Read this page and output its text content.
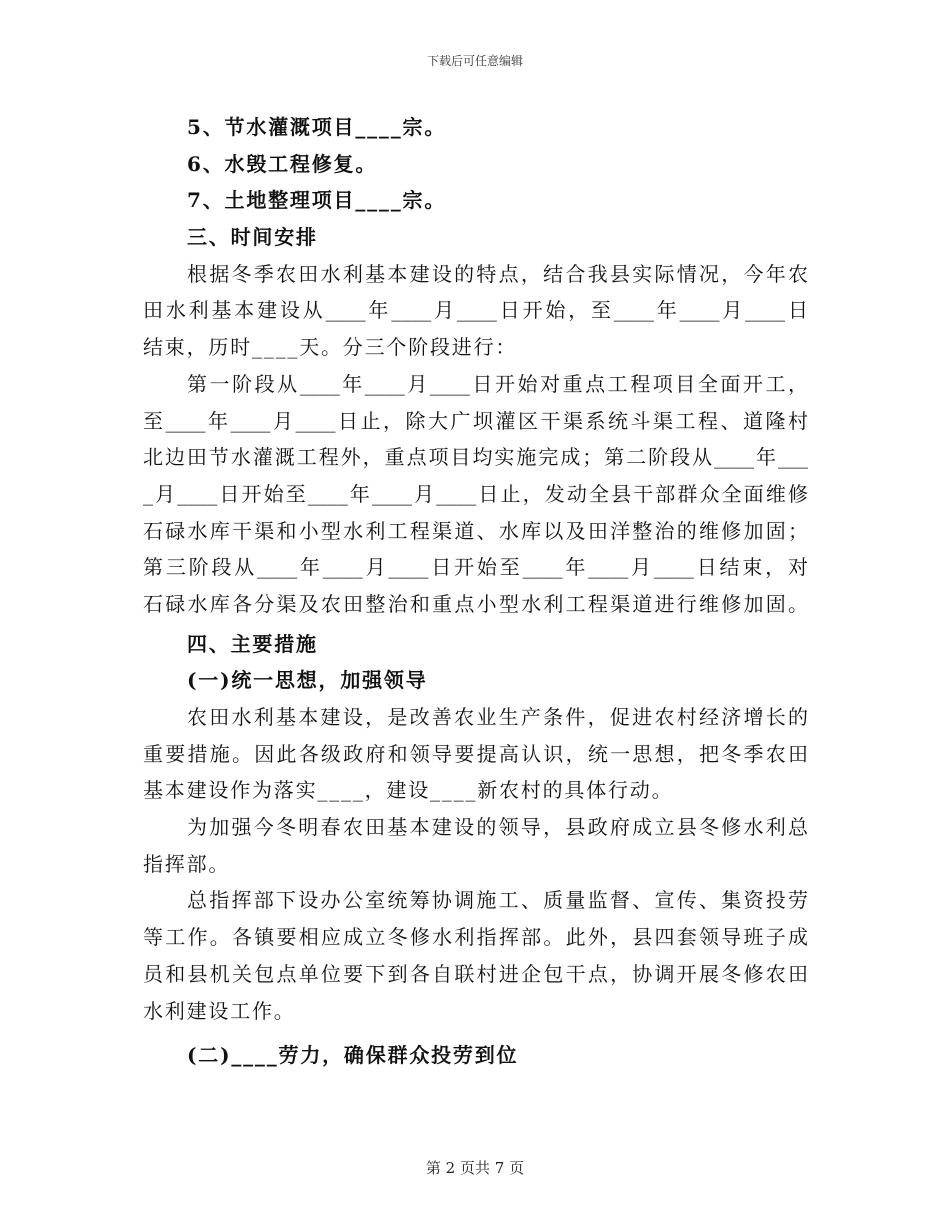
下载后可任意编辑
5、节水灌溉项目____宗。
6、水毁工程修复。
7、土地整理项目____宗。
三、时间安排
根据冬季农田水利基本建设的特点，结合我县实际情况，今年农
田水利基本建设从____年____月____日开始，至____年____月____日
结束，历时____天。分三个阶段进行：
第一阶段从____年____月____日开始对重点工程项目全面开工，
至____年____月____日止，除大广坝灌区干渠系统斗渠工程、道隆村
北边田节水灌溉工程外，重点项目均实施完成；第二阶段从____年___
_月____日开始至____年____月____日止，发动全县干部群众全面维修
石碌水库干渠和小型水利工程渠道、水库以及田洋整治的维修加固；
第三阶段从____年____月____日开始至____年____月____日结束，对
石碌水库各分渠及农田整治和重点小型水利工程渠道进行维修加固。
四、主要措施
(一)统一思想，加强领导
农田水利基本建设，是改善农业生产条件，促进农村经济增长的
重要措施。因此各级政府和领导要提高认识，统一思想，把冬季农田
基本建设作为落实____，建设____新农村的具体行动。
为加强今冬明春农田基本建设的领导，县政府成立县冬修水利总
指挥部。
总指挥部下设办公室统筹协调施工、质量监督、宣传、集资投劳
等工作。各镇要相应成立冬修水利指挥部。此外，县四套领导班子成
员和县机关包点单位要下到各自联村进企包干点，协调开展冬修农田
水利建设工作。
(二)____劳力，确保群众投劳到位
第 2 页共 7 页
